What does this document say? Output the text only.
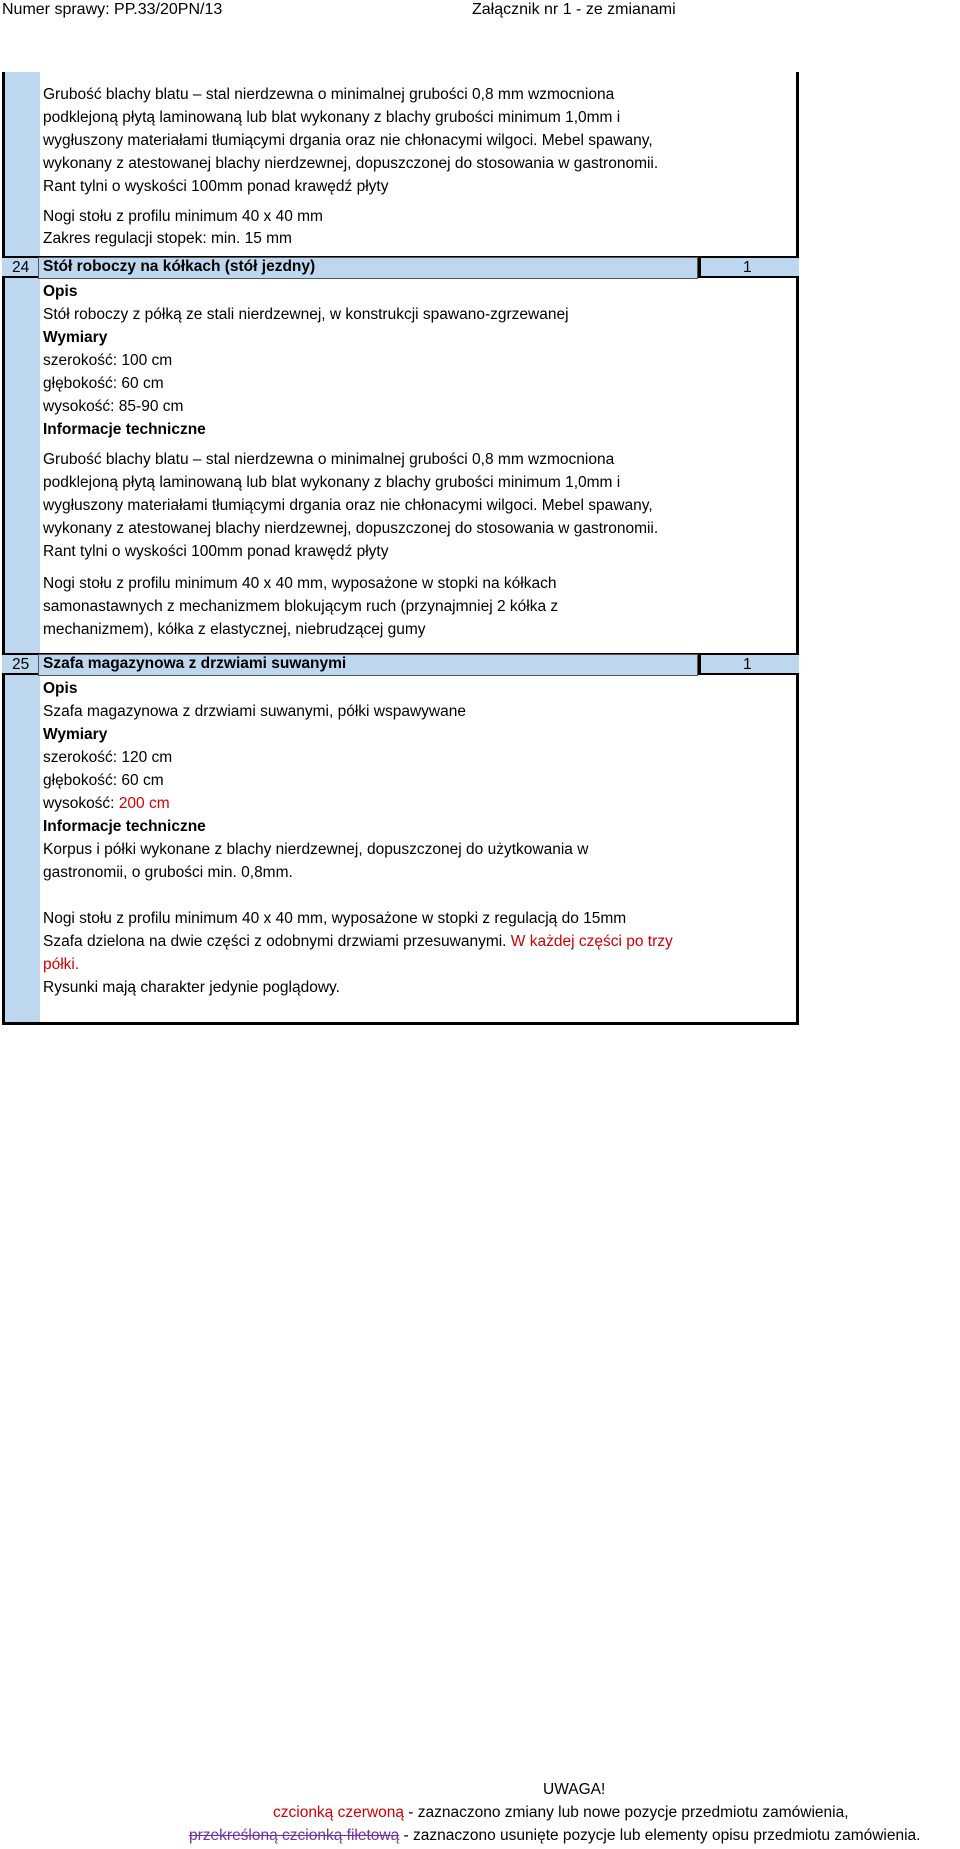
Numer sprawy: PP.33/20PN/13	Załącznik nr 1 - ze zmianami
Grubość blachy blatu – stal nierdzewna o minimalnej grubości 0,8 mm wzmocniona
podklejoną płytą laminowaną lub blat wykonany z blachy grubości minimum 1,0mm i
wygłuszony materiałami tłumiącymi drgania oraz nie chłonacymi wilgoci. Mebel spawany,
wykonany z atestowanej blachy nierdzewnej, dopuszczonej do stosowania w gastronomii.
Rant tylni o wyskości 100mm ponad krawędź płyty
Nogi stołu z profilu minimum 40 x 40 mm
Zakres regulacji stopek: min. 15 mm
24 Stół roboczy na kółkach (stół jezdny)	1
Opis
Stół roboczy z półką ze stali nierdzewnej, w konstrukcji spawano-zgrzewanej
Wymiary
szerokość: 100 cm
głębokość: 60 cm
wysokość: 85-90 cm
Informacje techniczne
Grubość blachy blatu – stal nierdzewna o minimalnej grubości 0,8 mm wzmocniona
podklejoną płytą laminowaną lub blat wykonany z blachy grubości minimum 1,0mm i
wygłuszony materiałami tłumiącymi drgania oraz nie chłonacymi wilgoci. Mebel spawany,
wykonany z atestowanej blachy nierdzewnej, dopuszczonej do stosowania w gastronomii.
Rant tylni o wyskości 100mm ponad krawędź płyty
Nogi stołu z profilu minimum 40 x 40 mm, wyposażone w stopki na kółkach
samonastawnych z mechanizmem blokującym ruch (przynajmniej 2 kółka z
mechanizmem), kółka z elastycznej, niebrudzącej gumy
25 Szafa magazynowa z drzwiami suwanymi	1
Opis
Szafa magazynowa z drzwiami suwanymi, półki wspawywane
Wymiary
szerokość: 120 cm
głębokość: 60 cm
wysokość: 200 cm
Informacje techniczne
Korpus i półki wykonane z blachy nierdzewnej, dopuszczonej do użytkowania w
gastronomii, o grubości min. 0,8mm.
Nogi stołu z profilu minimum 40 x 40 mm, wyposażone w stopki z regulacją do 15mm
Szafa dzielona na dwie części z odobnymi drzwiami przesuwanymi. W każdej części po trzy
półki.
Rysunki mają charakter jedynie poglądowy.
UWAGA!
czcionką czerwoną - zaznaczono zmiany lub nowe pozycje przedmiotu zamówienia,
przekreśloną czcionką fiłetową - zaznaczono usunięte pozycje lub elementy opisu przedmiotu zamówienia.
